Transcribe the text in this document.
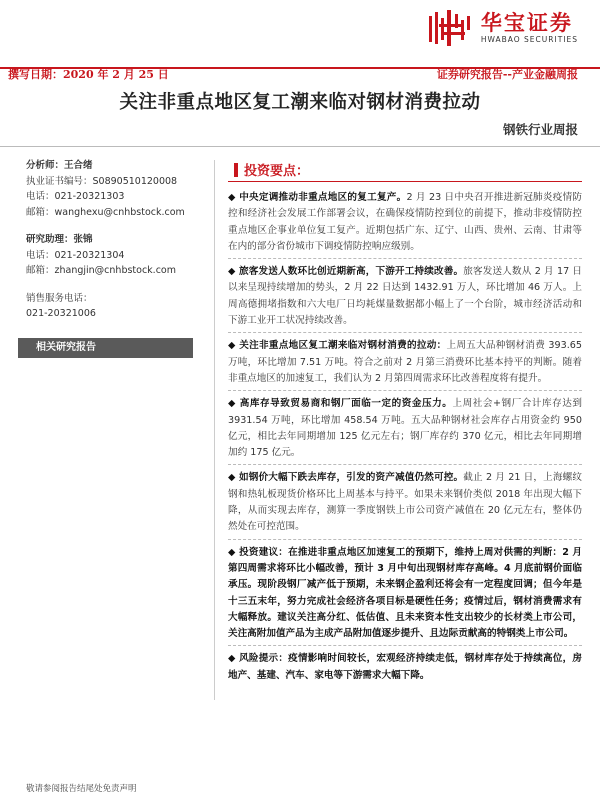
华宝证券
HWABAO SECURITIES
撰写日期：2020 年 2 月 25 日	证券研究报告--产业金融周报
关注非重点地区复工潮来临对钢材消费拉动
钢铁行业周报
分析师：王合绪
执业证书编号：S0890510120008
电话：021-20321303
邮箱：wanghexu@cnhbstock.com
研究助理：张锦
电话：021-20321304
邮箱：zhangjin@cnhbstock.com
销售服务电话：
021-20321006
相关研究报告
投资要点：
◆ 中央定调推动非重点地区的复工复产。2 月 23 日中央召开推进新冠肺炎疫情防控和经济社会发展工作部署会议，在确保疫情防控到位的前提下，推动非疫情防控重点地区企事业单位复工复产。近期包括广东、辽宁、山西、贵州、云南、甘肃等在内的部分省份城市下调疫情防控响应级别。
◆ 旅客发送人数环比创近期新高，下游开工持续改善。旅客发送人数从 2 月 17 日以来呈现持续增加的势头，2 月 22 日达到 1432.91 万人，环比增加 46 万人。上周高德拥堵指数和六大电厂日均耗煤量数据都小幅上了一个台阶，城市经济活动和下游工业开工状况持续改善。
◆ 关注非重点地区复工潮来临对钢材消费的拉动：上周五大品种钢材消费 393.65 万吨，环比增加 7.51 万吨。符合之前对 2 月第三消费环比基本持平的判断。随着非重点地区的加速复工，我们认为 2 月第四周需求环比改善程度将有提升。
◆ 高库存导致贸易商和钢厂面临一定的资金压力。上周社会+钢厂合计库存达到 3931.54 万吨，环比增加 458.54 万吨。五大品种钢材社会库存占用资金约 950 亿元，相比去年同期增加 125 亿元左右；钢厂库存约 370 亿元，相比去年同期增加约 175 亿元。
◆ 如钢价大幅下跌去库存，引发的资产减值仍然可控。截止 2 月 21 日，上海螺纹钢和热轧板现货价格环比上周基本与持平。如果未来钢价类似 2018 年出现大幅下降，从而实现去库存，测算一季度钢铁上市公司资产减值在 20 亿元左右，整体仍然处在可控范围。
◆ 投资建议：在推进非重点地区加速复工的预期下，维持上周对供需的判断：2 月第四周需求将环比小幅改善，预计 3 月中旬出现钢材库存高峰。4 月底前钢价面临承压。现阶段钢厂减产低于预期，未来钢企盈利还将会有一定程度回调；但今年是十三五末年，努力完成社会经济各项目标是硬性任务；疫情过后，钢材消费需求有大幅释放。建议关注高分红、低估值、且未来资本性支出较少的长材类上市公司，关注高附加值产品为主成产品附加值逐步提升、且边际贡献高的特钢类上市公司。
◆ 风险提示：疫情影响时间较长，宏观经济持续走低，钢材库存处于持续高位，房地产、基建、汽车、家电等下游需求大幅下降。
敬请参阅报告结尾处免责声明
